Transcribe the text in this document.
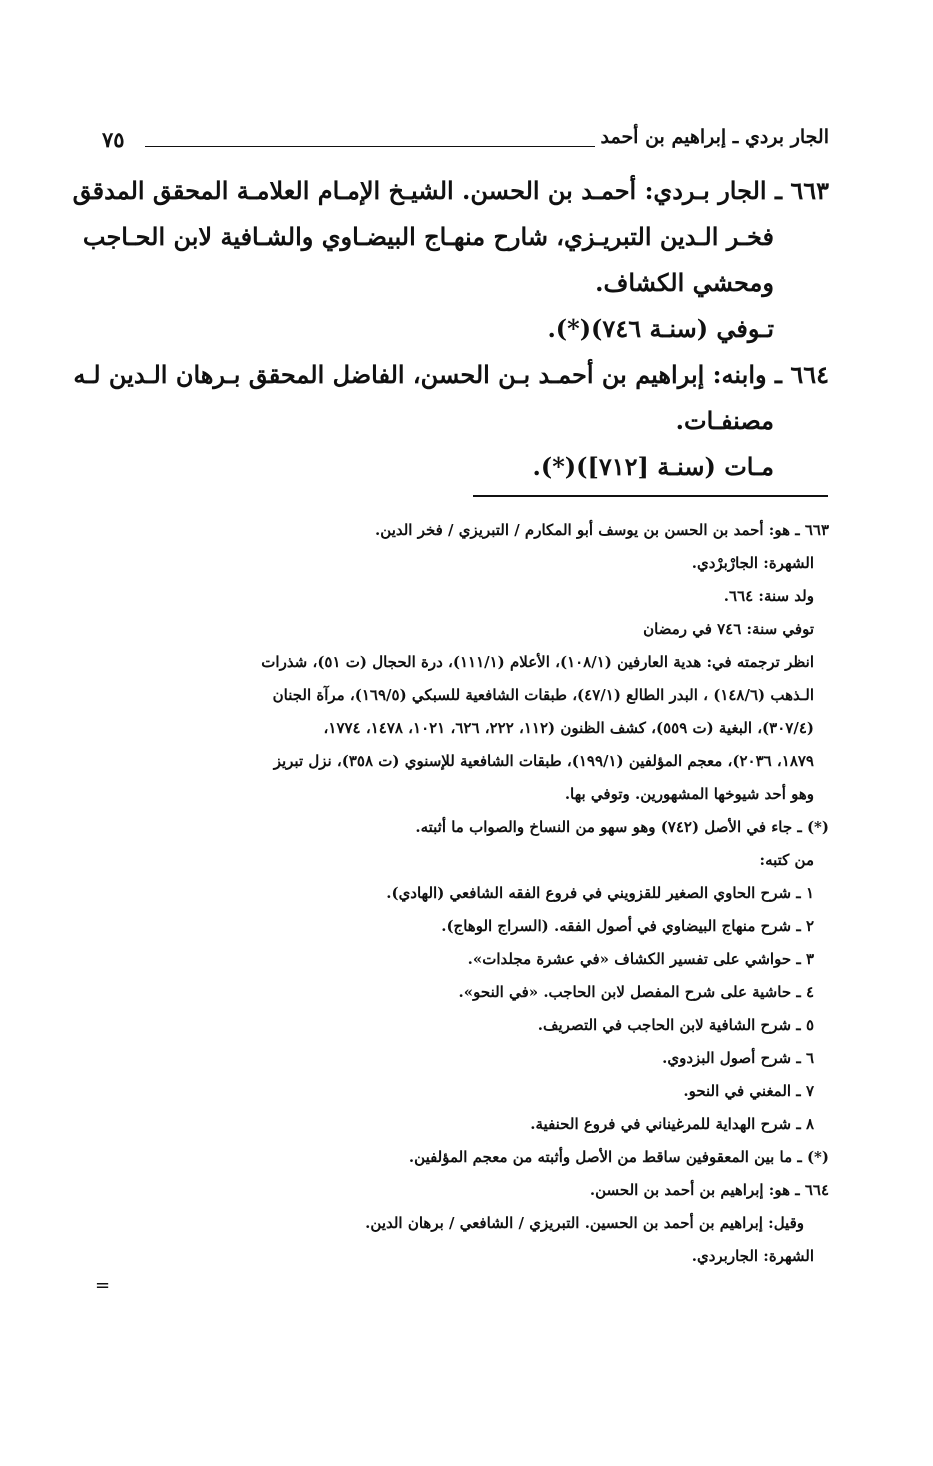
الجار بردي ـ إبراهيم بن أحمد
٧٥
٦٦٣ ـ الجار بـردي: أحمـد بن الحسن. الشيـخ الإمـام العلامـة المحقق المدقق
فخـر الـدين التبريـزي، شارح منهـاج البيضـاوي والشـافية لابن الحـاجب
ومحشي الكشاف.
تـوفي (سنـة ٧٤٦)(*).
٦٦٤ ـ وابنه: إبراهيم بن أحمـد بـن الحسن، الفاضل المحقق بـرهان الـدين لـه
مصنفـات.
مـات (سنـة [٧١٢])(*).
٦٦٣ ـ هو: أحمد بن الحسن بن يوسف أبو المكارم / التبريزي / فخر الدين.
الشهرة: الجارْبرْدي.
ولد سنة: ٦٦٤.
توفي سنة: ٧٤٦ في رمضان
انظر ترجمته في: هدية العارفين (١٠٨/١)، الأعلام (١١١/١)، درة الحجال (ت ٥١)، شذرات
الـذهب (١٤٨/٦) ، البدر الطالع (٤٧/١)، طبقات الشافعية للسبكي (١٦٩/٥)، مرآة الجنان
(٣٠٧/٤)، البغية (ت ٥٥٩)، كشف الظنون (١١٢، ٢٢٢، ٦٢٦، ١٠٢١، ١٤٧٨، ١٧٧٤،
١٨٧٩، ٢٠٣٦)، معجم المؤلفين (١٩٩/١)، طبقات الشافعية للإسنوي (ت ٣٥٨)، نزل تبريز
وهو أحد شيوخها المشهورين. وتوفي بها.
(*) ـ جاء في الأصل (٧٤٢) وهو سهو من النساخ والصواب ما أثبته.
من كتبه:
١ ـ شرح الحاوي الصغير للقزويني في فروع الفقه الشافعي (الهادي).
٢ ـ شرح منهاج البيضاوي في أصول الفقه. (السراج الوهاج).
٣ ـ حواشي على تفسير الكشاف «في عشرة مجلدات».
٤ ـ حاشية على شرح المفصل لابن الحاجب. «في النحو».
٥ ـ شرح الشافية لابن الحاجب في التصريف.
٦ ـ شرح أصول البزدوي.
٧ ـ المغني في النحو.
٨ ـ شرح الهداية للمرغيناني في فروع الحنفية.
(*) ـ ما بين المعقوفين ساقط من الأصل وأثبته من معجم المؤلفين.
٦٦٤ ـ هو: إبراهيم بن أحمد بن الحسن.
وقيل: إبراهيم بن أحمد بن الحسين. التبريزي / الشافعي / برهان الدين.
الشهرة: الجاربردي.
=
